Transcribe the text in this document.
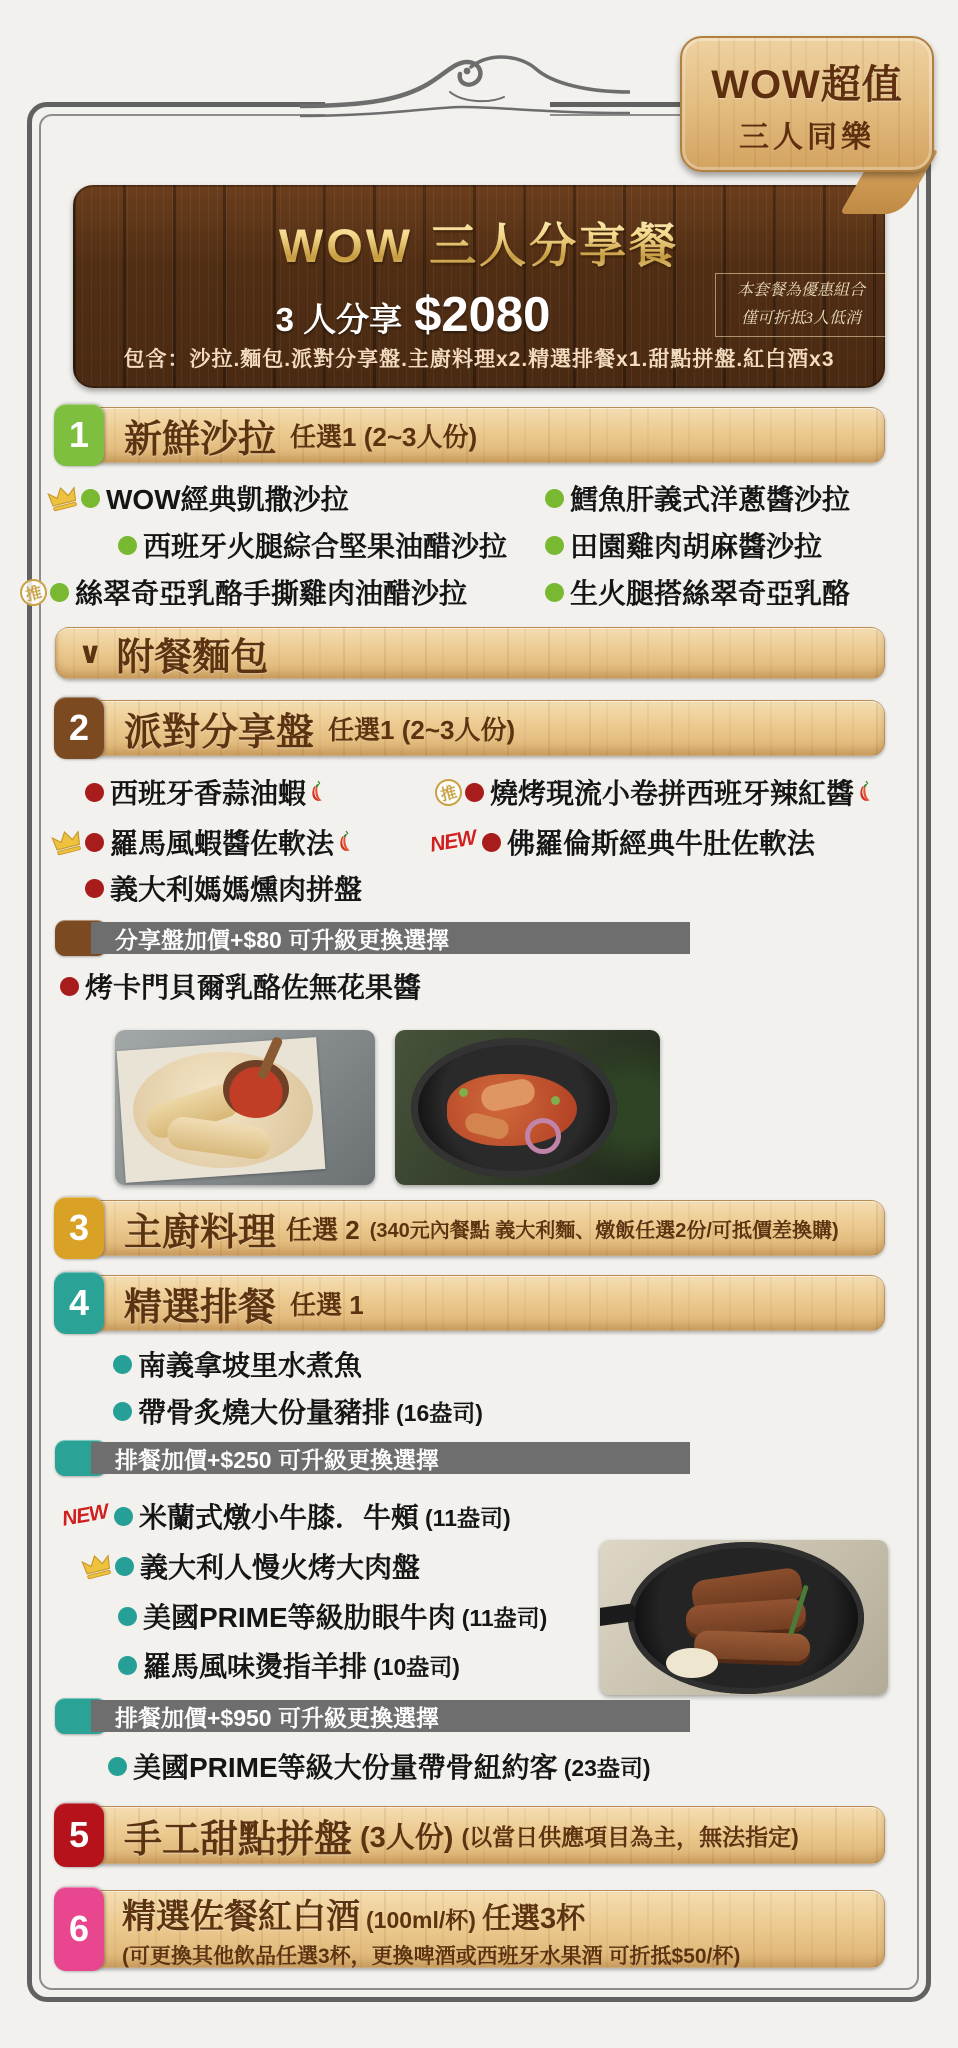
WOW超值
三人同樂
WOW 三人分享餐
3 人分享 $2080	本套餐為優惠組合
僅可折抵3人低消
包含：沙拉.麵包.派對分享盤.主廚料理x2.精選排餐x1.甜點拼盤.紅白酒x3
1 新鮮沙拉 任選1 (2~3人份)
WOW經典凱撒沙拉
西班牙火腿綜合堅果油醋沙拉
推 絲翠奇亞乳酪手撕雞肉油醋沙拉
鱈魚肝義式洋蔥醬沙拉
田園雞肉胡麻醬沙拉
生火腿搭絲翠奇亞乳酪
∨ 附餐麵包
2 派對分享盤 任選1 (2~3人份)
西班牙香蒜油蝦
羅馬風蝦醬佐軟法
義大利媽媽燻肉拼盤
推 燒烤現流小卷拼西班牙辣紅醬
NEW 佛羅倫斯經典牛肚佐軟法
分享盤加價+$80 可升級更換選擇
烤卡門貝爾乳酪佐無花果醬
3 主廚料理 任選 2 (340元內餐點 義大利麵、燉飯任選2份/可抵價差換購)
4 精選排餐 任選 1
南義拿坡里水煮魚
帶骨炙燒大份量豬排 (16盎司)
排餐加價+$250 可升級更換選擇
NEW 米蘭式燉小牛膝．牛頰 (11盎司)
義大利人慢火烤大肉盤
美國PRIME等級肋眼牛肉 (11盎司)
羅馬風味燙指羊排 (10盎司)
排餐加價+$950 可升級更換選擇
美國PRIME等級大份量帶骨紐約客 (23盎司)
5 手工甜點拼盤 (3人份) (以當日供應項目為主，無法指定)
6 精選佐餐紅白酒 (100ml/杯) 任選3杯
(可更換其他飲品任選3杯，更換啤酒或西班牙水果酒 可折抵$50/杯)
